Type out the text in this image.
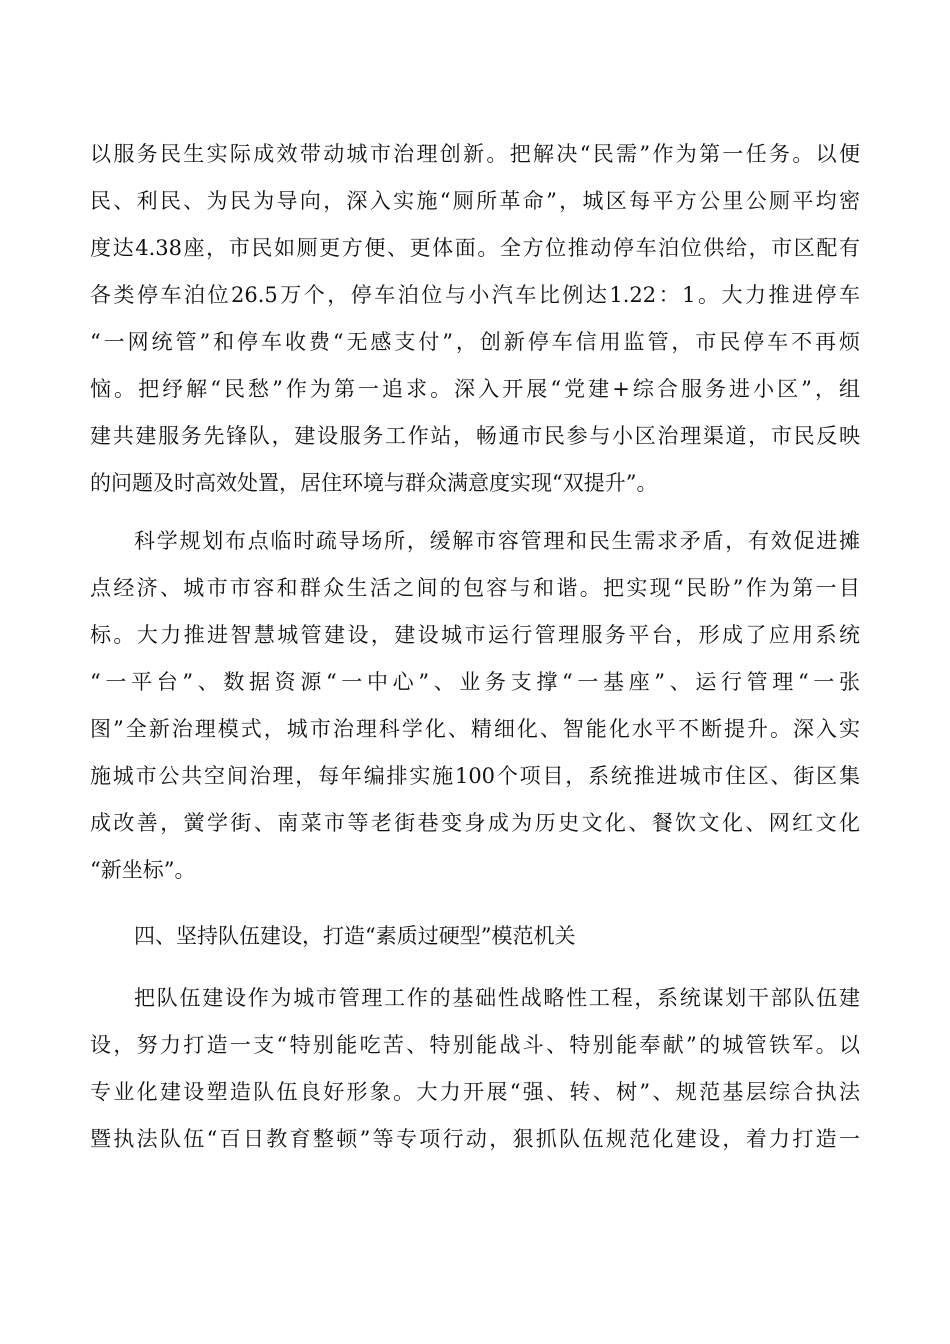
以服务民生实际成效带动城市治理创新。把解决“民需”作为第一任务。以便
民、利民、为民为导向，深入实施“厕所革命”，城区每平方公里公厕平均密
度达4.38座，市民如厕更方便、更体面。全方位推动停车泊位供给，市区配有
各类停车泊位26.5万个，停车泊位与小汽车比例达1.22：1。大力推进停车
“一网统管”和停车收费“无感支付”，创新停车信用监管，市民停车不再烦
恼。把纾解“民愁”作为第一追求。深入开展“党建+综合服务进小区”，组
建共建服务先锋队，建设服务工作站，畅通市民参与小区治理渠道，市民反映
的问题及时高效处置，居住环境与群众满意度实现“双提升”。
科学规划布点临时疏导场所，缓解市容管理和民生需求矛盾，有效促进摊
点经济、城市市容和群众生活之间的包容与和谐。把实现“民盼”作为第一目
标。大力推进智慧城管建设，建设城市运行管理服务平台，形成了应用系统
“一平台”、数据资源“一中心”、业务支撑“一基座”、运行管理“一张
图”全新治理模式，城市治理科学化、精细化、智能化水平不断提升。深入实
施城市公共空间治理，每年编排实施100个项目，系统推进城市住区、街区集
成改善，黉学街、南菜市等老街巷变身成为历史文化、餐饮文化、网红文化
“新坐标”。
四、坚持队伍建设，打造“素质过硬型”模范机关
把队伍建设作为城市管理工作的基础性战略性工程，系统谋划干部队伍建
设，努力打造一支“特别能吃苦、特别能战斗、特别能奉献”的城管铁军。以
专业化建设塑造队伍良好形象。大力开展“强、转、树”、规范基层综合执法
暨执法队伍“百日教育整顿”等专项行动，狠抓队伍规范化建设，着力打造一
